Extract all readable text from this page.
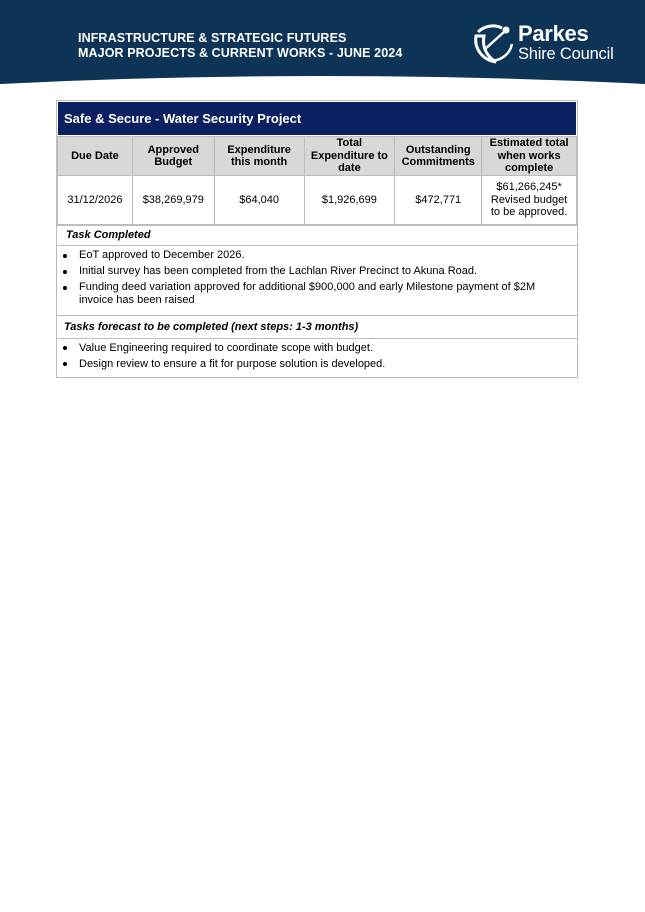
INFRASTRUCTURE & STRATEGIC FUTURES
MAJOR PROJECTS & CURRENT WORKS - JUNE 2024
Parkes
Shire Council
Safe & Secure - Water Security Project
Due Date	Approved Budget	Expenditure this month	Total Expenditure to date	Outstanding Commitments	Estimated total when works complete
31/12/2026	$38,269,979	$64,040	$1,926,699	$472,771	$61,266,245* Revised budget to be approved.
Task Completed
EoT approved to December 2026.
Initial survey has been completed from the Lachlan River Precinct to Akuna Road.
Funding deed variation approved for additional $900,000 and early Milestone payment of $2M invoice has been raised
Tasks forecast to be completed (next steps: 1-3 months)
Value Engineering required to coordinate scope with budget.
Design review to ensure a fit for purpose solution is developed.
